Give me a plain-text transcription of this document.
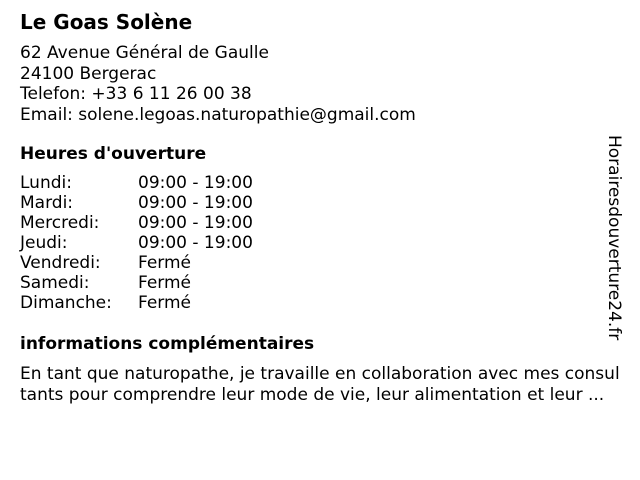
Le Goas Solène
62 Avenue Général de Gaulle
24100 Bergerac
Telefon: +33 6 11 26 00 38
Email: solene.legoas.naturopathie@gmail.com
Heures d'ouverture
Lundi:	09:00 - 19:00
Mardi:	09:00 - 19:00
Mercredi:	09:00 - 19:00
Jeudi:	09:00 - 19:00
Vendredi:	Fermé
Samedi:	Fermé
Dimanche:	Fermé
informations complémentaires
En tant que naturopathe, je travaille en collaboration avec mes consul
tants pour comprendre leur mode de vie, leur alimentation et leur ...
Horairesdouverture24.fr
